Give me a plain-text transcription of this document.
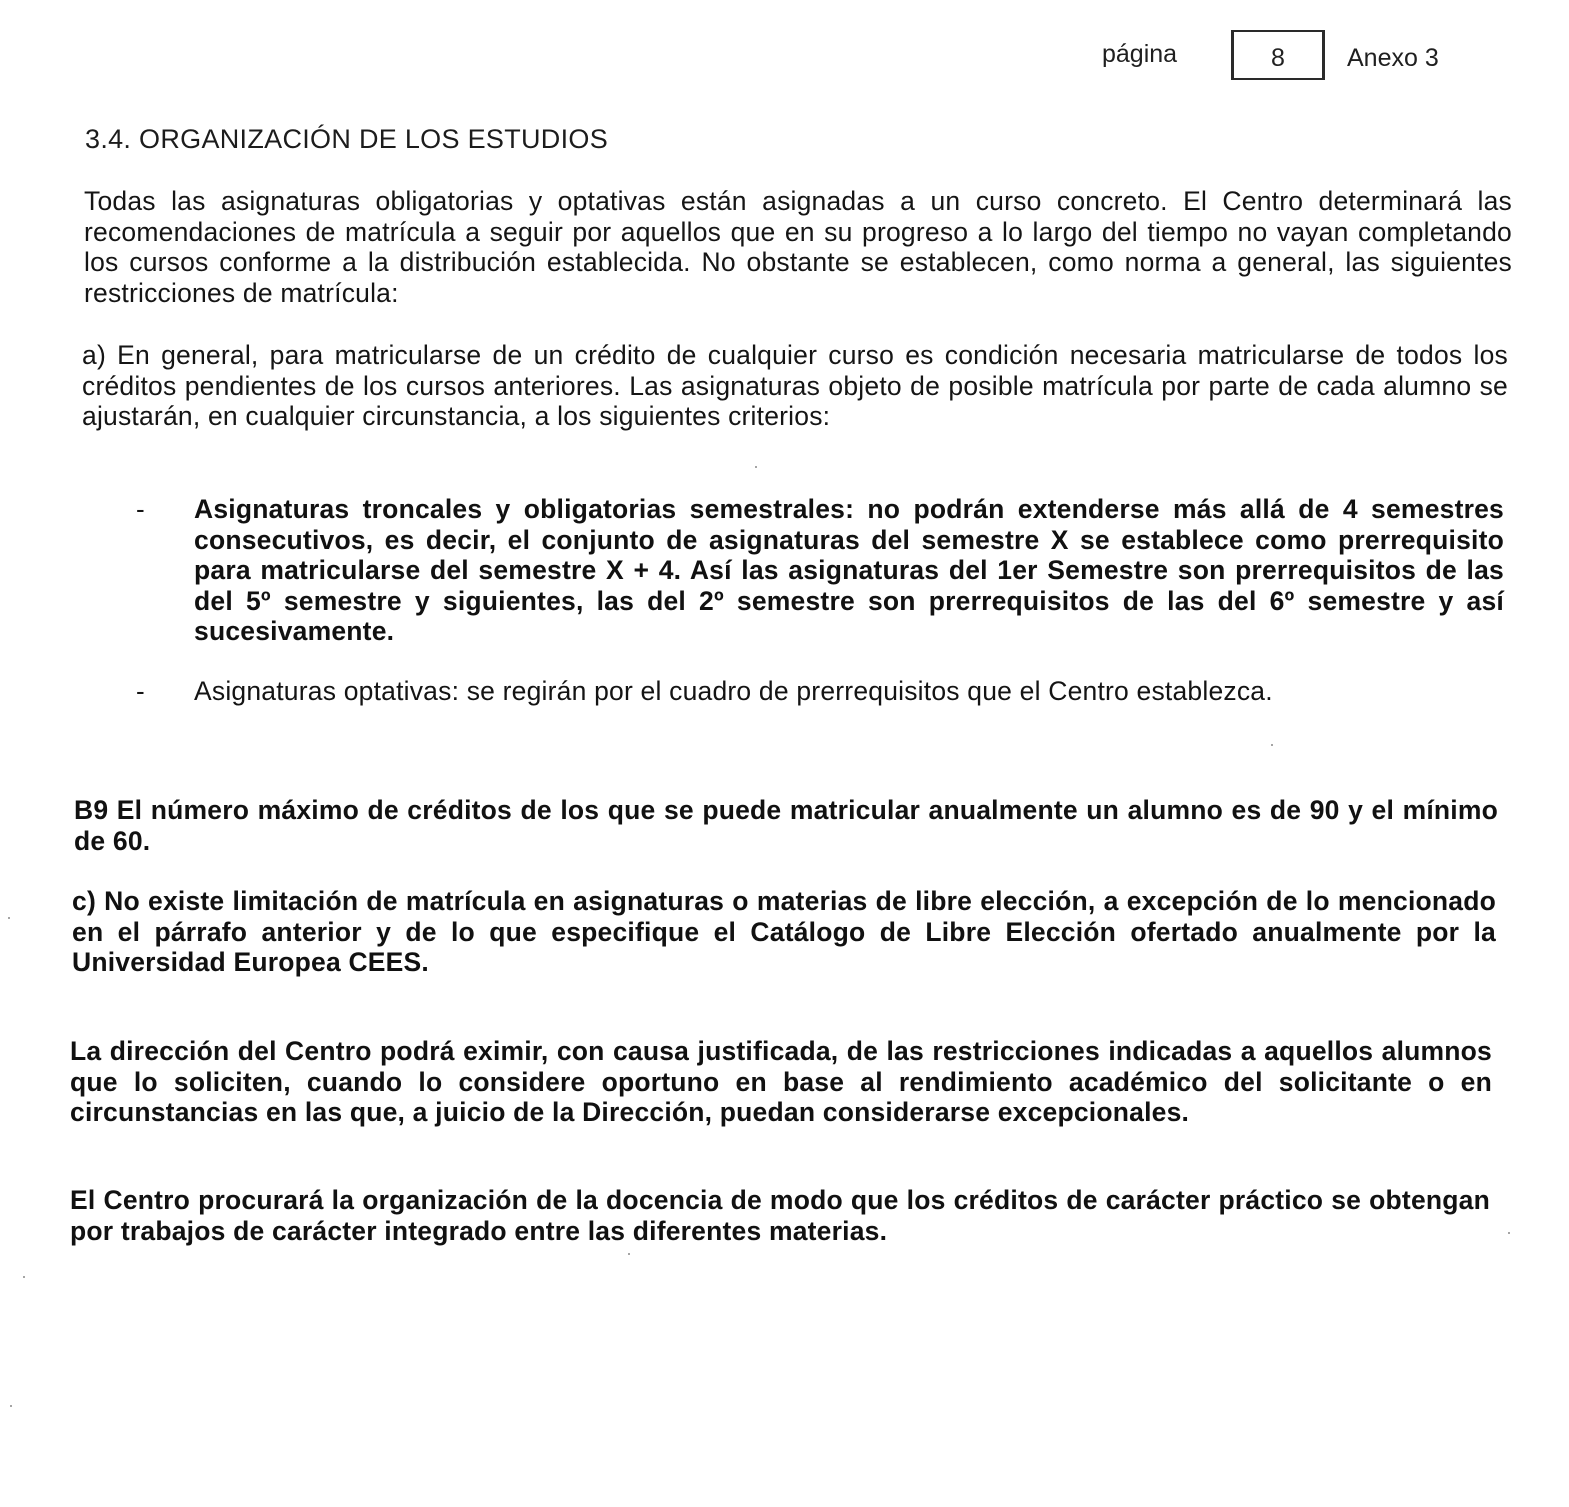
página	8	Anexo 3
3.4. ORGANIZACIÓN DE LOS ESTUDIOS

Todas las asignaturas obligatorias y optativas están asignadas a un curso concreto. El Centro determinará las recomendaciones de matrícula a seguir por aquellos que en su progreso a lo largo del tiempo no vayan completando los cursos conforme a la distribución establecida. No obstante se establecen, como norma a general, las siguientes restricciones de matrícula:

a) En general, para matricularse de un crédito de cualquier curso es condición necesaria matricularse de todos los créditos pendientes de los cursos anteriores. Las asignaturas objeto de posible matrícula por parte de cada alumno se ajustarán, en cualquier circunstancia, a los siguientes criterios:

- Asignaturas troncales y obligatorias semestrales: no podrán extenderse más allá de 4 semestres consecutivos, es decir, el conjunto de asignaturas del semestre X se establece como prerrequisito para matricularse del semestre X + 4. Así las asignaturas del 1er Semestre son prerrequisitos de las del 5º semestre y siguientes, las del 2º semestre son prerrequisitos de las del 6º semestre y así sucesivamente.

- Asignaturas optativas: se regirán por el cuadro de prerrequisitos que el Centro establezca.

B9 El número máximo de créditos de los que se puede matricular anualmente un alumno es de 90 y el mínimo de 60.

c) No existe limitación de matrícula en asignaturas o materias de libre elección, a excepción de lo mencionado en el párrafo anterior y de lo que especifique el Catálogo de Libre Elección ofertado anualmente por la Universidad Europea CEES.

La dirección del Centro podrá eximir, con causa justificada, de las restricciones indicadas a aquellos alumnos que lo soliciten, cuando lo considere oportuno en base al rendimiento académico del solicitante o en circunstancias en las que, a juicio de la Dirección, puedan considerarse excepcionales.

El Centro procurará la organización de la docencia de modo que los créditos de carácter práctico se obtengan por trabajos de carácter integrado entre las diferentes materias.
